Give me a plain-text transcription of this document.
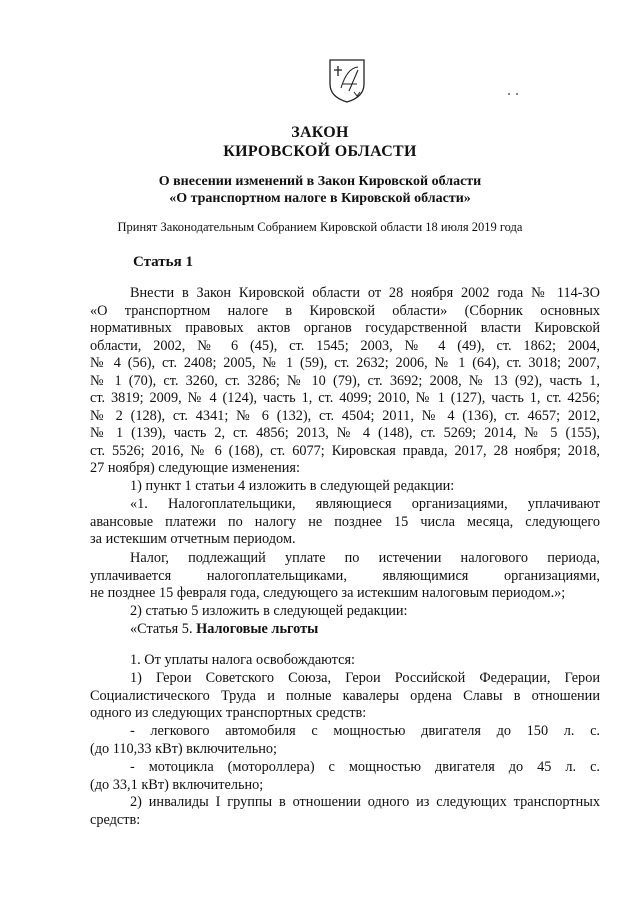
ЗАКОН
КИРОВСКОЙ ОБЛАСТИ
О внесении изменений в Закон Кировской области
«О транспортном налоге в Кировской области»
Принят Законодательным Собранием Кировской области 18 июля 2019 года
Статья 1
Внести в Закон Кировской области от 28 ноября 2002 года № 114-ЗО
«О транспортном налоге в Кировской области» (Сборник основных
нормативных правовых актов органов государственной власти Кировской
области, 2002, № 6 (45), ст. 1545; 2003, № 4 (49), ст. 1862; 2004,
№ 4 (56), ст. 2408; 2005, № 1 (59), ст. 2632; 2006, № 1 (64), ст. 3018; 2007,
№ 1 (70), ст. 3260, ст. 3286; № 10 (79), ст. 3692; 2008, № 13 (92), часть 1,
ст. 3819; 2009, № 4 (124), часть 1, ст. 4099; 2010, № 1 (127), часть 1, ст. 4256;
№ 2 (128), ст. 4341; № 6 (132), ст. 4504; 2011, № 4 (136), ст. 4657; 2012,
№ 1 (139), часть 2, ст. 4856; 2013, № 4 (148), ст. 5269; 2014, № 5 (155),
ст. 5526; 2016, № 6 (168), ст. 6077; Кировская правда, 2017, 28 ноября; 2018,
27 ноября) следующие изменения:
1) пункт 1 статьи 4 изложить в следующей редакции:
«1. Налогоплательщики, являющиеся организациями, уплачивают
авансовые платежи по налогу не позднее 15 числа месяца, следующего
за истекшим отчетным периодом.
Налог, подлежащий уплате по истечении налогового периода,
уплачивается налогоплательщиками, являющимися организациями,
не позднее 15 февраля года, следующего за истекшим налоговым периодом.»;
2) статью 5 изложить в следующей редакции:
«Статья 5. Налоговые льготы
1. От уплаты налога освобождаются:
1) Герои Советского Союза, Герои Российской Федерации, Герои
Социалистического Труда и полные кавалеры ордена Славы в отношении
одного из следующих транспортных средств:
- легкового автомобиля с мощностью двигателя до 150 л. с.
(до 110,33 кВт) включительно;
- мотоцикла (мотороллера) с мощностью двигателя до 45 л. с.
(до 33,1 кВт) включительно;
2) инвалиды I группы в отношении одного из следующих транспортных
средств:
